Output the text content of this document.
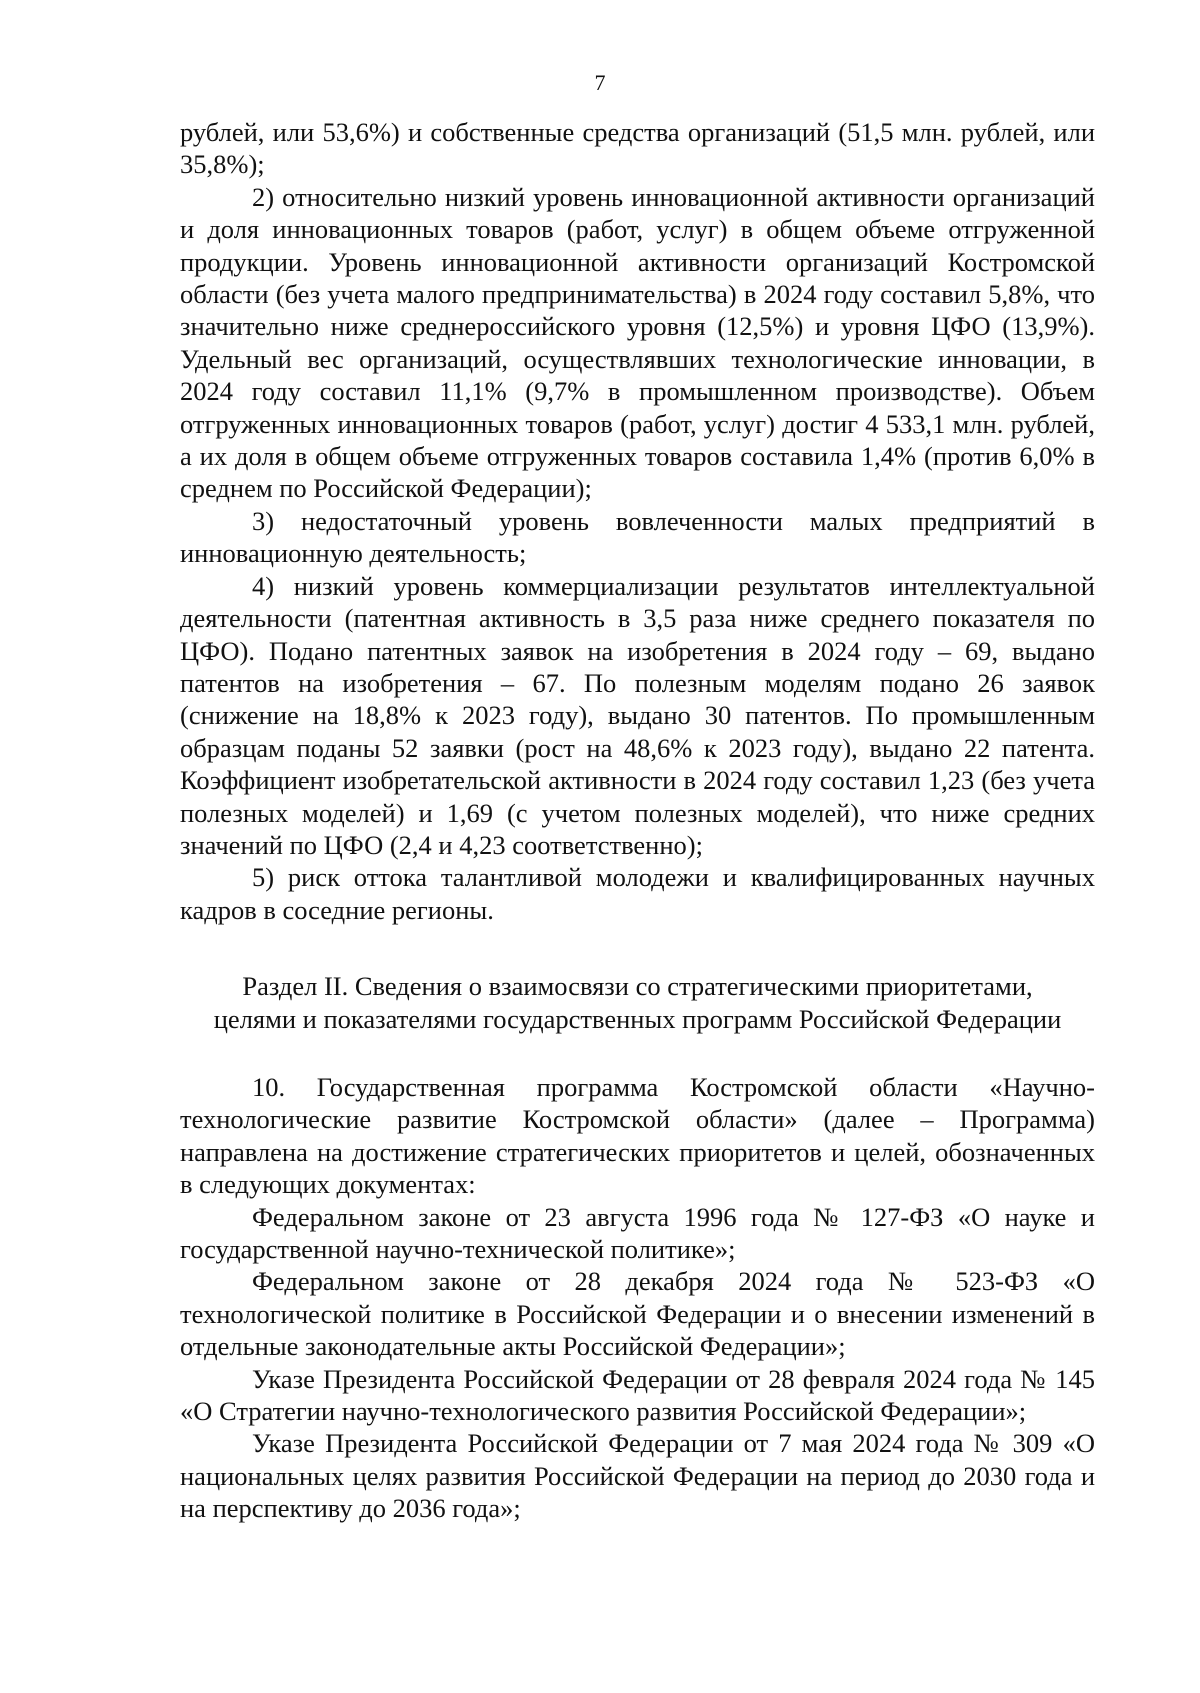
7

рублей, или 53,6%) и собственные средства организаций (51,5 млн. рублей, или 35,8%);

2) относительно низкий уровень инновационной активности организаций и доля инновационных товаров (работ, услуг) в общем объеме отгруженной продукции. Уровень инновационной активности организаций Костромской области (без учета малого предпринимательства) в 2024 году составил 5,8%, что значительно ниже среднероссийского уровня (12,5%) и уровня ЦФО (13,9%). Удельный вес организаций, осуществлявших технологические инновации, в 2024 году составил 11,1% (9,7% в промышленном производстве). Объем отгруженных инновационных товаров (работ, услуг) достиг 4 533,1 млн. рублей, а их доля в общем объеме отгруженных товаров составила 1,4% (против 6,0% в среднем по Российской Федерации);

3) недостаточный уровень вовлеченности малых предприятий в инновационную деятельность;

4) низкий уровень коммерциализации результатов интеллектуальной деятельности (патентная активность в 3,5 раза ниже среднего показателя по ЦФО). Подано патентных заявок на изобретения в 2024 году – 69, выдано патентов на изобретения – 67. По полезным моделям подано 26 заявок (снижение на 18,8% к 2023 году), выдано 30 патентов. По промышленным образцам поданы 52 заявки (рост на 48,6% к 2023 году), выдано 22 патента. Коэффициент изобретательской активности в 2024 году составил 1,23 (без учета полезных моделей) и 1,69 (с учетом полезных моделей), что ниже средних значений по ЦФО (2,4 и 4,23 соответственно);

5) риск оттока талантливой молодежи и квалифицированных научных кадров в соседние регионы.

Раздел II. Сведения о взаимосвязи со стратегическими приоритетами,
целями и показателями государственных программ Российской Федерации

10. Государственная программа Костромской области «Научно-технологические развитие Костромской области» (далее – Программа) направлена на достижение стратегических приоритетов и целей, обозначенных в следующих документах:

Федеральном законе от 23 августа 1996 года № 127-ФЗ «О науке и государственной научно-технической политике»;

Федеральном законе от 28 декабря 2024 года № 523-ФЗ «О технологической политике в Российской Федерации и о внесении изменений в отдельные законодательные акты Российской Федерации»;

Указе Президента Российской Федерации от 28 февраля 2024 года № 145 «О Стратегии научно-технологического развития Российской Федерации»;

Указе Президента Российской Федерации от 7 мая 2024 года № 309 «О национальных целях развития Российской Федерации на период до 2030 года и на перспективу до 2036 года»;
